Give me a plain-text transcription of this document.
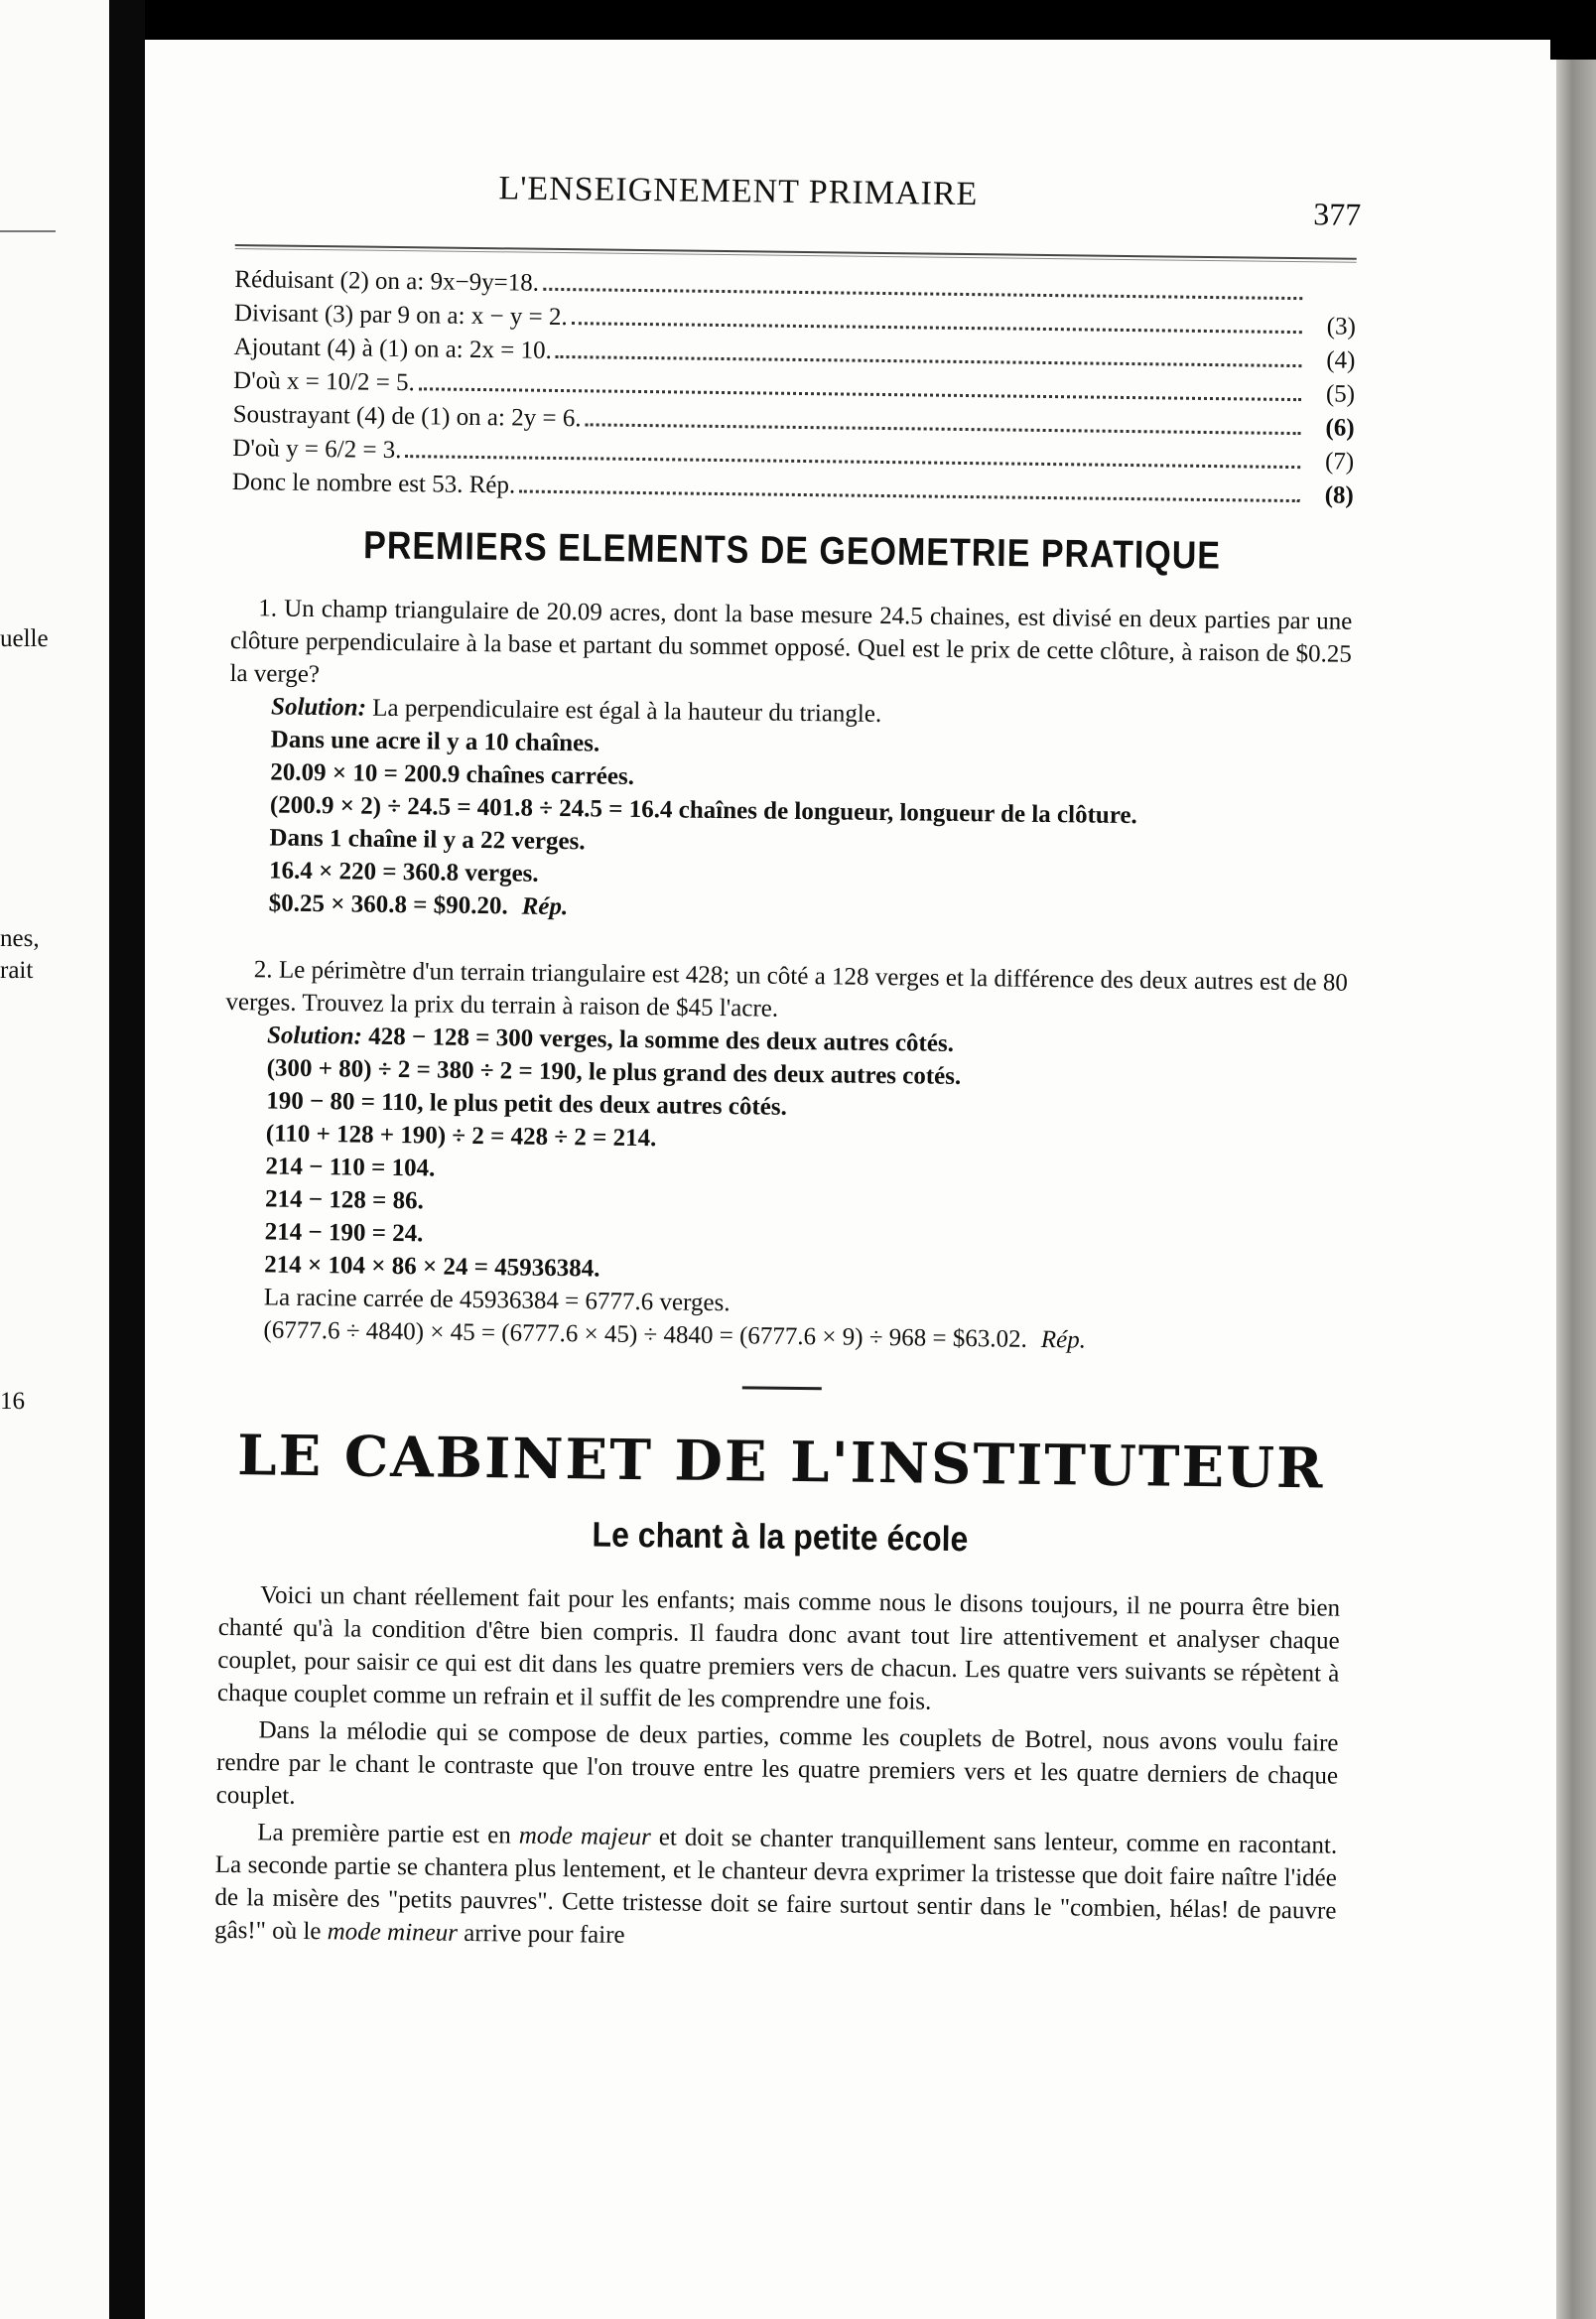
uelle
nes,
rait
16
L'ENSEIGNEMENT PRIMAIRE
377
Réduisant (2) on a: 9x−9y=18.
Divisant (3) par 9 on a: x − y = 2.	(3)
Ajoutant (4) à (1) on a: 2x = 10.	(4)
D'où x = 10/2 = 5.	(5)
Soustrayant (4) de (1) on a: 2y = 6.	(6)
D'où y = 6/2 = 3.	(7)
Donc le nombre est 53. Rép.	(8)
PREMIERS ELEMENTS DE GEOMETRIE PRATIQUE

1. Un champ triangulaire de 20.09 acres, dont la base mesure 24.5 chaines, est divisé en deux parties par une clôture perpendiculaire à la base et partant du sommet opposé. Quel est le prix de cette clôture, à raison de $0.25 la verge?

Solution: La perpendiculaire est égal à la hauteur du triangle.

Dans une acre il y a 10 chaînes.

20.09 × 10 = 200.9 chaînes carrées.

(200.9 × 2) ÷ 24.5 = 401.8 ÷ 24.5 = 16.4 chaînes de longueur, longueur de la clôture.

Dans 1 chaîne il y a 22 verges.

16.4 × 220 = 360.8 verges.

$0.25 × 360.8 = $90.20. Rép.

2. Le périmètre d'un terrain triangulaire est 428; un côté a 128 verges et la différence des deux autres est de 80 verges. Trouvez la prix du terrain à raison de $45 l'acre.

Solution: 428 − 128 = 300 verges, la somme des deux autres côtés.

(300 + 80) ÷ 2 = 380 ÷ 2 = 190, le plus grand des deux autres cotés.

190 − 80 = 110, le plus petit des deux autres côtés.

(110 + 128 + 190) ÷ 2 = 428 ÷ 2 = 214.

214 − 110 = 104.

214 − 128 = 86.

214 − 190 = 24.

214 × 104 × 86 × 24 = 45936384.

La racine carrée de 45936384 = 6777.6 verges.

(6777.6 ÷ 4840) × 45 = (6777.6 × 45) ÷ 4840 = (6777.6 × 9) ÷ 968 = $63.02. Rép.

LE CABINET DE L'INSTITUTEUR
Le chant à la petite école

Voici un chant réellement fait pour les enfants; mais comme nous le disons toujours, il ne pourra être bien chanté qu'à la condition d'être bien compris. Il faudra donc avant tout lire attentivement et analyser chaque couplet, pour saisir ce qui est dit dans les quatre premiers vers de chacun. Les quatre vers suivants se répètent à chaque couplet comme un refrain et il suffit de les comprendre une fois.

Dans la mélodie qui se compose de deux parties, comme les couplets de Botrel, nous avons voulu faire rendre par le chant le contraste que l'on trouve entre les quatre premiers vers et les quatre derniers de chaque couplet.

La première partie est en mode majeur et doit se chanter tranquillement sans lenteur, comme en racontant. La seconde partie se chantera plus lentement, et le chanteur devra exprimer la tristesse que doit faire naître l'idée de la misère des "petits pauvres". Cette tristesse doit se faire surtout sentir dans le "combien, hélas! de pauvre gâs!" où le mode mineur arrive pour faire
